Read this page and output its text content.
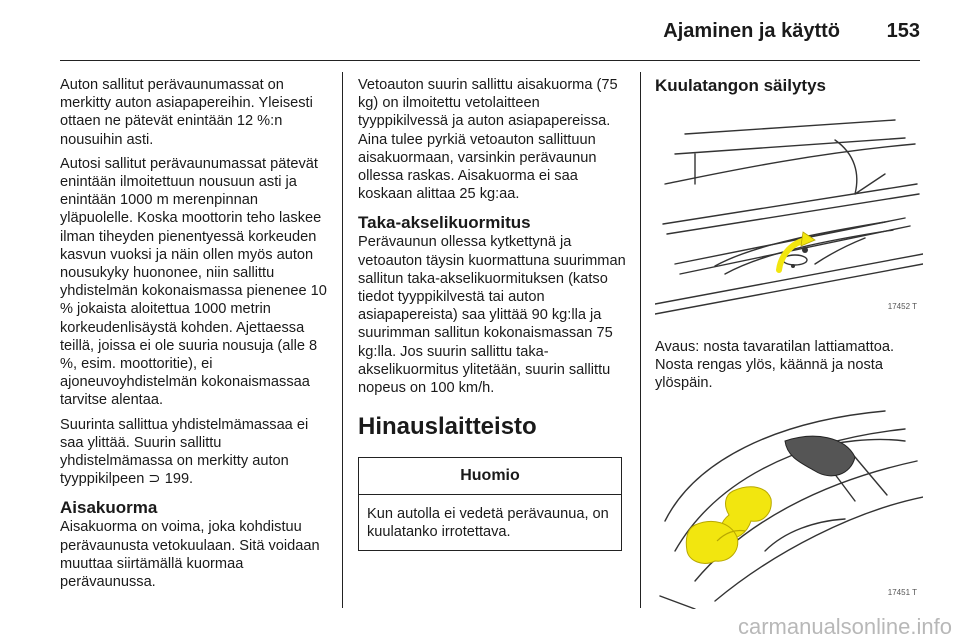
Ajaminen ja käyttö 153

Auton sallitut perävaunumassat on merkitty auton asiapapereihin. Yleisesti ottaen ne pätevät enintään 12 %:n nousuihin asti.

Autosi sallitut perävaunumassat pätevät enintään ilmoitettuun nousuun asti ja enintään 1000 m merenpinnan yläpuolelle. Koska moottorin teho laskee ilman tiheyden pienentyessä korkeuden kasvun vuoksi ja näin ollen myös auton nousukyky huononee, niin sallittu yhdistelmän kokonaismassa pienenee 10 % jokaista aloitettua 1000 metrin korkeudenlisäystä kohden. Ajettaessa teillä, joissa ei ole suuria nousuja (alle 8 %, esim. moottoritie), ei ajoneuvoyhdistelmän kokonaismassaa tarvitse alentaa.

Suurinta sallittua yhdistelmämassaa ei saa ylittää. Suurin sallittu yhdistelmämassa on merkitty auton tyyppikilpeen ⊃ 199.

Aisakuorma

Aisakuorma on voima, joka kohdistuu perävaunusta vetokuulaan. Sitä voidaan muuttaa siirtämällä kuormaa perävaunussa.

Vetoauton suurin sallittu aisakuorma (75 kg) on ilmoitettu vetolaitteen tyyppikilvessä ja auton asiapapereissa. Aina tulee pyrkiä vetoauton sallittuun aisakuormaan, varsinkin perävaunun ollessa raskas. Aisakuorma ei saa koskaan alittaa 25 kg:aa.

Taka-akselikuormitus

Perävaunun ollessa kytkettynä ja vetoauton täysin kuormattuna suurimman sallitun taka-akselikuormituksen (katso tiedot tyyppikilvestä tai auton asiapapereista) saa ylittää 90 kg:lla ja suurimman sallitun kokonaismassan 75 kg:lla. Jos suurin sallittu taka-akselikuormitus ylitetään, suurin sallittu nopeus on 100 km/h.

Hinauslaitteisto
Huomio
Kun autolla ei vedetä perävaunua, on kuulatanko irrotettava.
Kuulatangon säilytys
17452 T

Avaus: nosta tavaratilan lattiamattoa. Nosta rengas ylös, käännä ja nosta ylöspäin.

17451 T
carmanualsonline.info
